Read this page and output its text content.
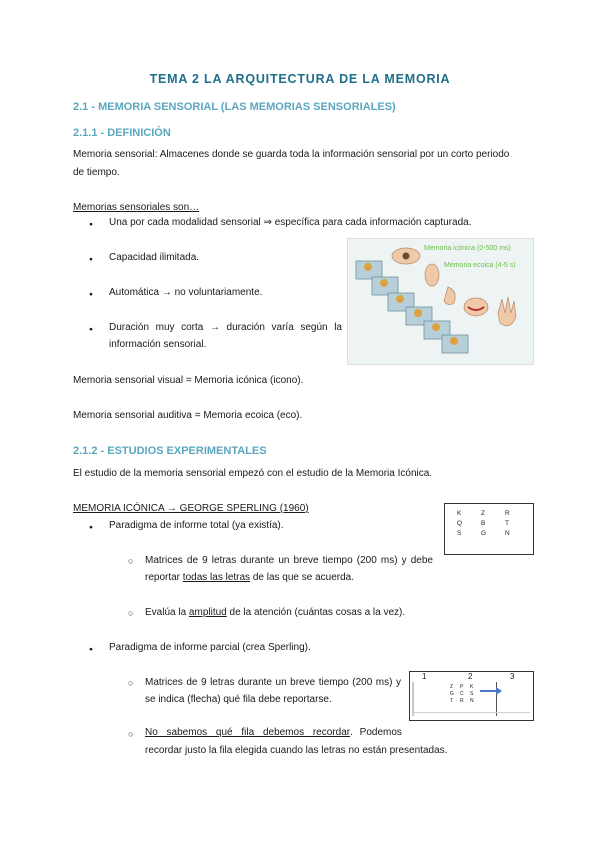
TEMA 2 LA ARQUITECTURA DE LA MEMORIA
2.1 - MEMORIA SENSORIAL (LAS MEMORIAS SENSORIALES)
2.1.1 - DEFINICIÓN
Memoria sensorial: Almacenes donde se guarda toda la información sensorial por un corto periodo
de tiempo.
Memorias sensoriales son…
● Una por cada modalidad sensorial ⇒ específica para cada información capturada.
● Capacidad ilimitada.
● Automática → no voluntariamente.
● Duración muy corta → duración varía según la
información sensorial.
Memoria icónica (0-500 ms)
Memoria ecoica (4-5 s)
Memoria sensorial visual = Memoria icónica (icono).
Memoria sensorial auditiva = Memoria ecoica (eco).
2.1.2 - ESTUDIOS EXPERIMENTALES
El estudio de la memoria sensorial empezó con el estudio de la Memoria Icónica.
MEMORIA ICÓNICA → GEORGE SPERLING (1960)
● Paradigma de informe total (ya existía).
K	Z	R
Q	B	T
S	G	N
○ Matrices de 9 letras durante un breve tiempo (200 ms) y debe
reportar todas las letras de las que se acuerda.
○ Evalúa la amplitud de la atención (cuántas cosas a la vez).
● Paradigma de informe parcial (crea Sperling).
○ Matrices de 9 letras durante un breve tiempo (200 ms) y
se indica (flecha) qué fila debe reportarse.
1	2	3
Z	P	K
G	C	S
T	R	N
No sabemos qué fila debemos recordar. Podemos
recordar justo la fila elegida cuando las letras no están presentadas.
